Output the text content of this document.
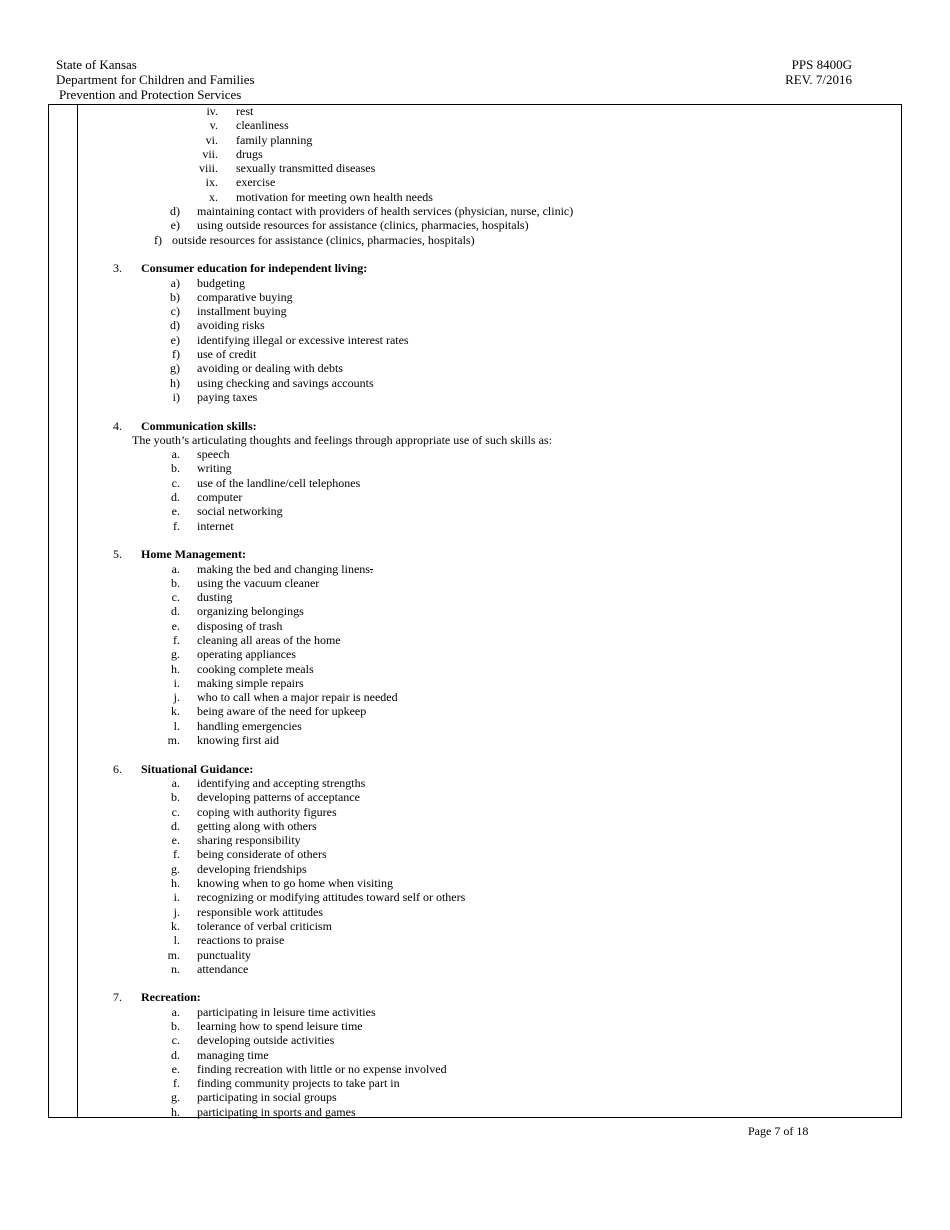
State of Kansas
Department for Children and Families
Prevention and Protection Services
PPS 8400G
REV. 7/2016
iv. rest
v. cleanliness
vi. family planning
vii. drugs
viii. sexually transmitted diseases
ix. exercise
x. motivation for meeting own health needs
d) maintaining contact with providers of health services (physician, nurse, clinic)
e) using outside resources for assistance (clinics, pharmacies, hospitals)
f) outside resources for assistance (clinics, pharmacies, hospitals)
3. Consumer education for independent living:
a) budgeting
b) comparative buying
c) installment buying
d) avoiding risks
e) identifying illegal or excessive interest rates
f) use of credit
g) avoiding or dealing with debts
h) using checking and savings accounts
i) paying taxes
4. Communication skills:
The youth’s articulating thoughts and feelings through appropriate use of such skills as:
a. speech
b. writing
c. use of the landline/cell telephones
d. computer
e. social networking
f. internet
5. Home Management:
a. making the bed and changing linens.
b. using the vacuum cleaner
c. dusting
d. organizing belongings
e. disposing of trash
f. cleaning all areas of the home
g. operating appliances
h. cooking complete meals
i. making simple repairs
j. who to call when a major repair is needed
k. being aware of the need for upkeep
l. handling emergencies
m. knowing first aid
6. Situational Guidance:
a. identifying and accepting strengths
b. developing patterns of acceptance
c. coping with authority figures
d. getting along with others
e. sharing responsibility
f. being considerate of others
g. developing friendships
h. knowing when to go home when visiting
i. recognizing or modifying attitudes toward self or others
j. responsible work attitudes
k. tolerance of verbal criticism
l. reactions to praise
m. punctuality
n. attendance
7. Recreation:
a. participating in leisure time activities
b. learning how to spend leisure time
c. developing outside activities
d. managing time
e. finding recreation with little or no expense involved
f. finding community projects to take part in
g. participating in social groups
h. participating in sports and games
Page 7 of 18
